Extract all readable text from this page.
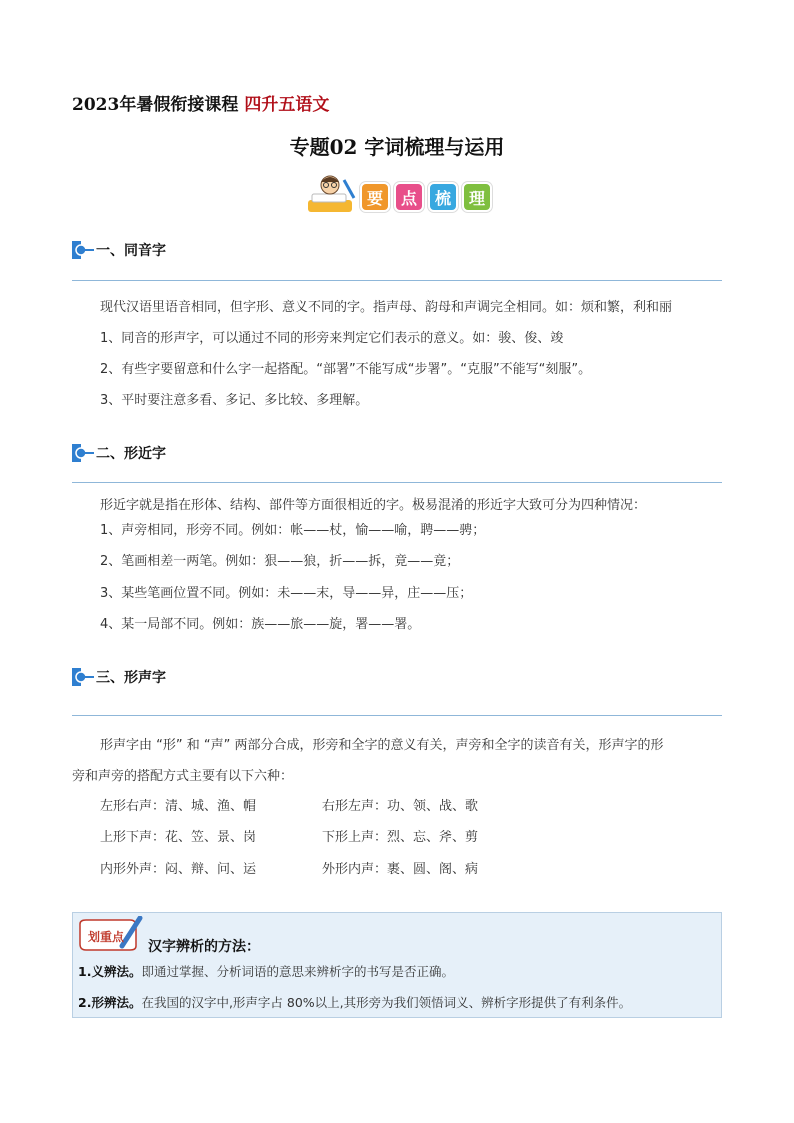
2023年暑假衔接课程 四升五语文
专题02 字词梳理与运用
要	点	梳	理
一、同音字
现代汉语里语音相同，但字形、意义不同的字。指声母、韵母和声调完全相同。如：烦和繁，利和丽
1、同音的形声字，可以通过不同的形旁来判定它们表示的意义。如：骏、俊、竣
2、有些字要留意和什么字一起搭配。“部署”不能写成“步署”。“克服”不能写“刻服”。
3、平时要注意多看、多记、多比较、多理解。
二、形近字
形近字就是指在形体、结构、部件等方面很相近的字。极易混淆的形近字大致可分为四种情况：
1、声旁相同，形旁不同。例如：帐——杖，愉——喻，聘——骋；
2、笔画相差一两笔。例如：狠——狼，折——拆，竟——竟；
3、某些笔画位置不同。例如：未——末，导——异，庄——压；
4、某一局部不同。例如：族——旅——旋，署——署。
三、形声字
形声字由 “形” 和 “声” 两部分合成，形旁和全字的意义有关，声旁和全字的读音有关，形声字的形
旁和声旁的搭配方式主要有以下六种：
左形右声：清、城、渔、帽	右形左声：功、领、战、歌
上形下声：花、笠、景、岗	下形上声：烈、忘、斧、剪
内形外声：闷、辩、问、运	外形内声：裹、圆、阁、病
划重点
汉字辨析的方法：
1.义辨法。即通过掌握、分析词语的意思来辨析字的书写是否正确。
2.形辨法。在我国的汉字中,形声字占 80%以上,其形旁为我们领悟词义、辨析字形提供了有利条件。
